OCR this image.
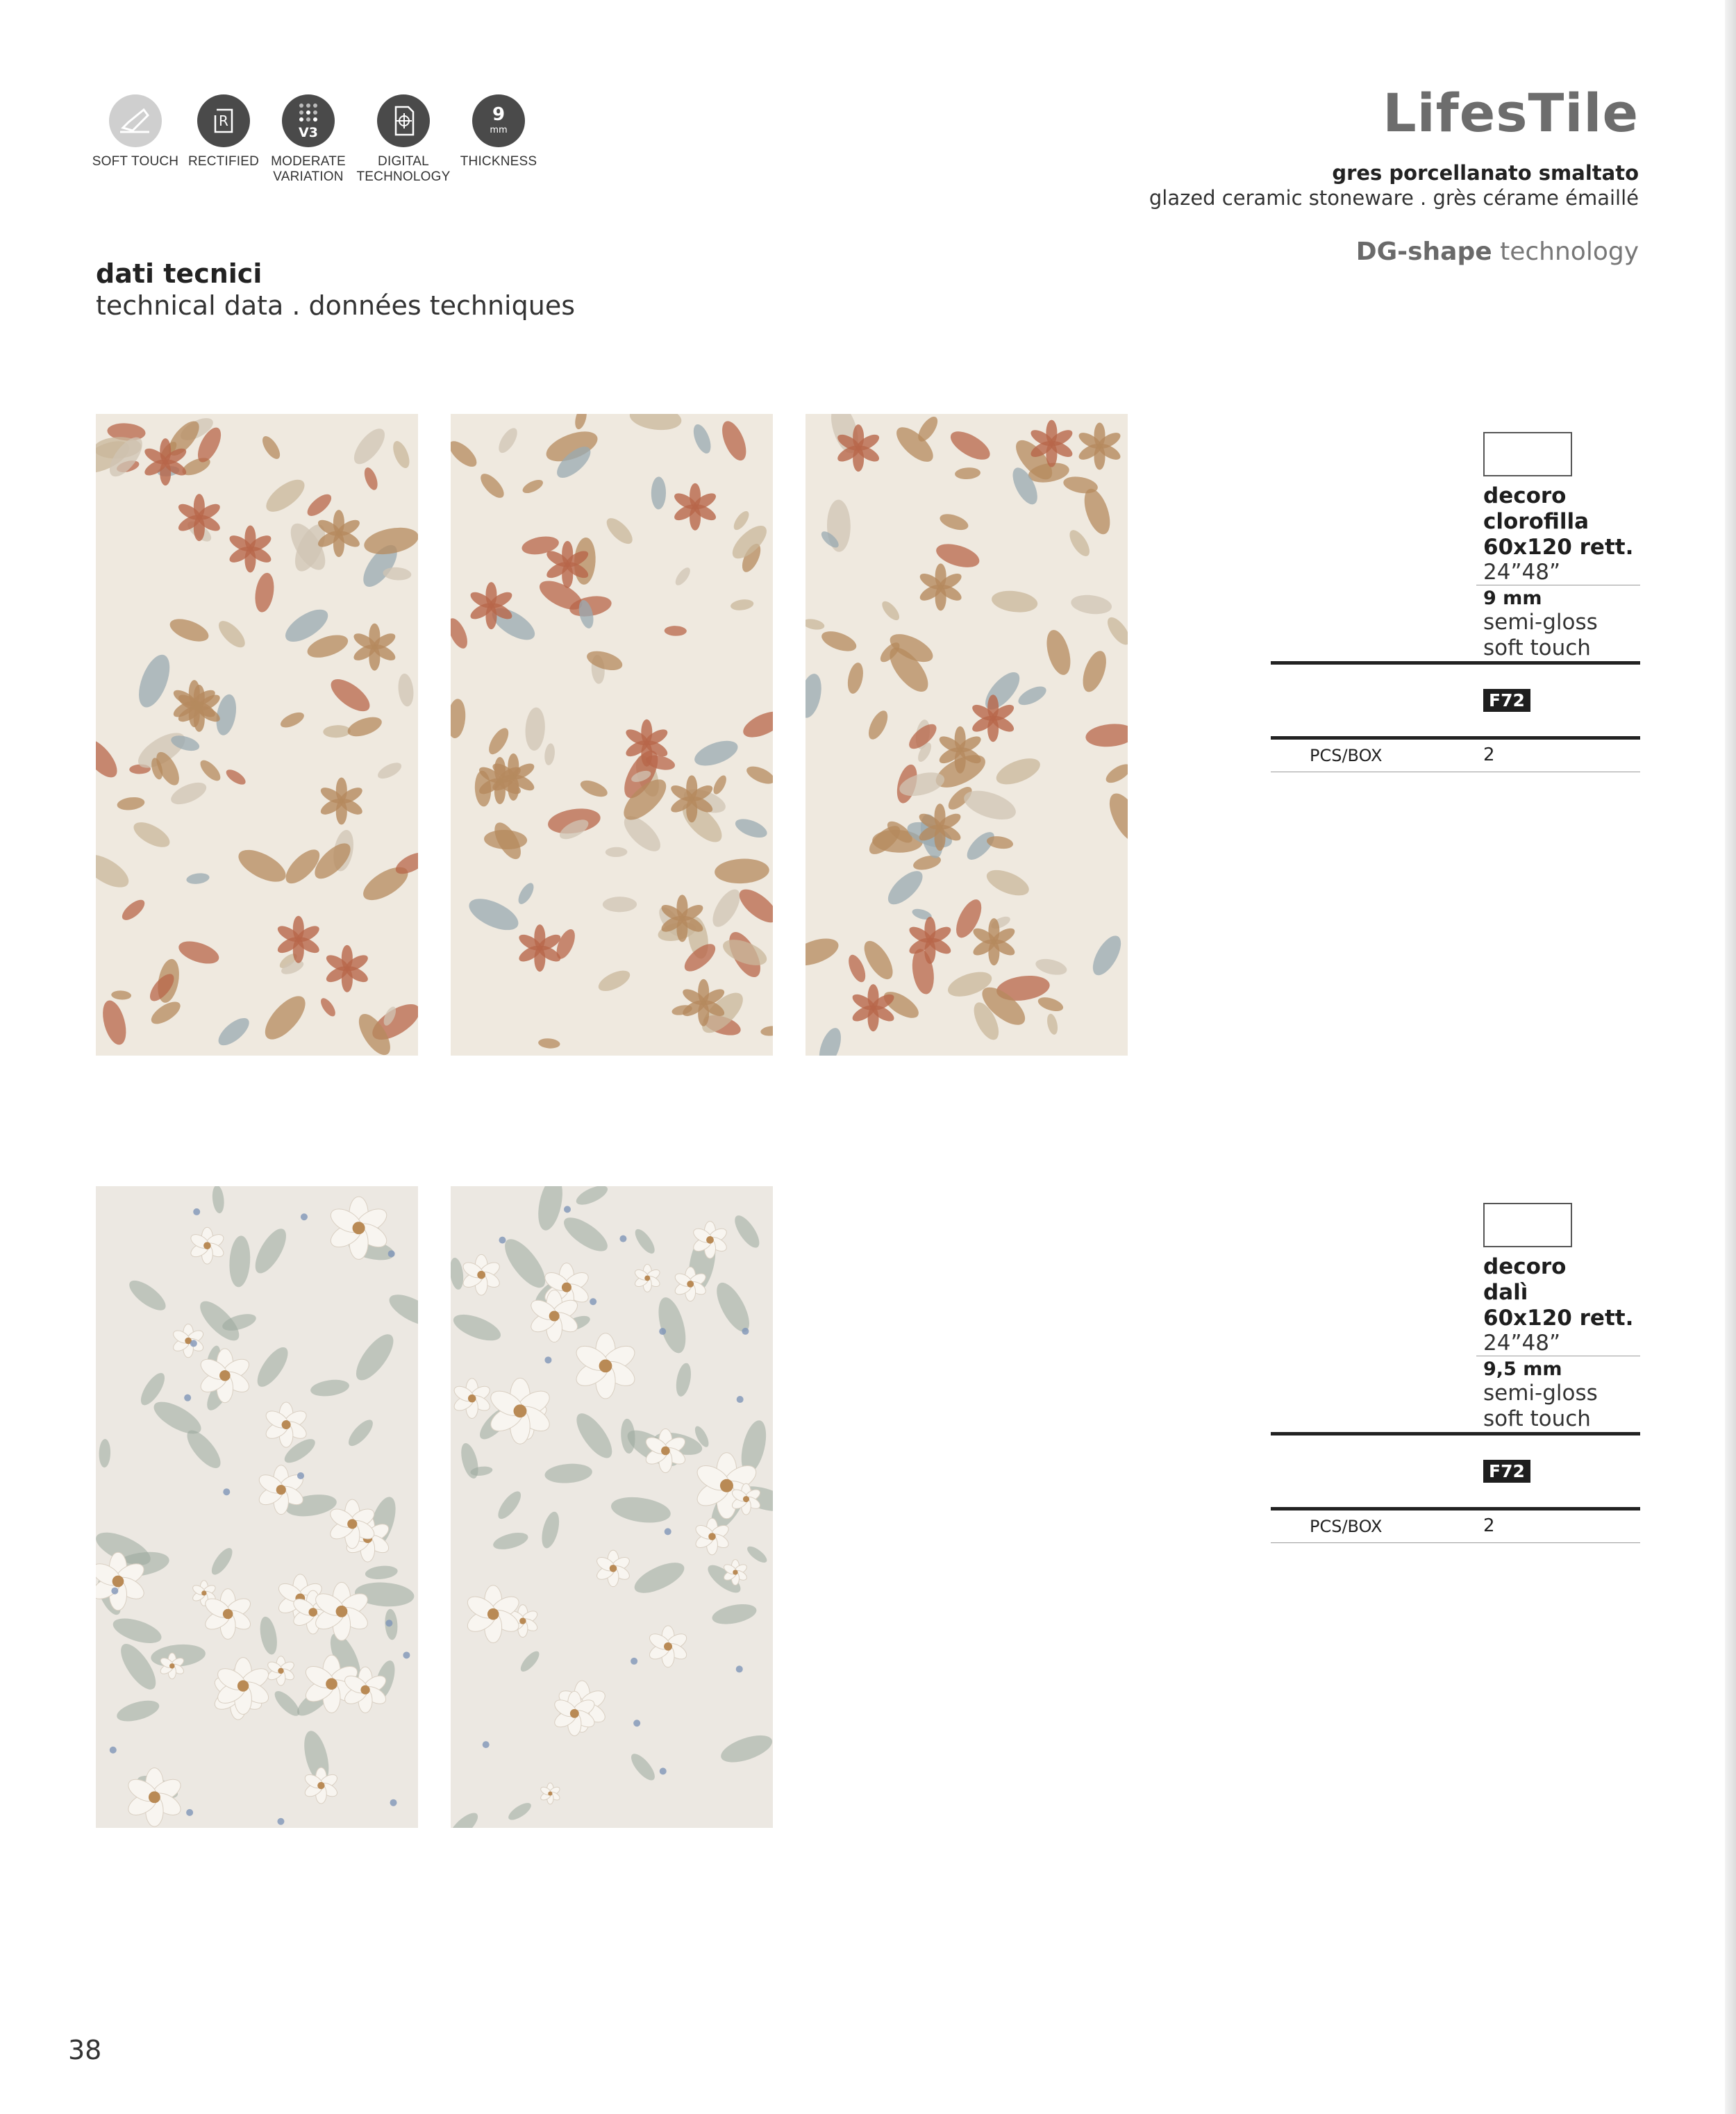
SOFT TOUCH
R
RECTIFIED
V3
MODERATE VARIATION
DIGITAL TECHNOLOGY
9
mm
THICKNESS
LifesTile
gres porcellanato smaltato
glazed ceramic stoneware . grès cérame émaillé
DG-shape technology
dati tecnici
technical data . données techniques
decoro
clorofilla
60x120 rett.
24”48”
9 mm
semi-gloss
soft touch
F72
PCS/BOX	2
decoro
dalì
60x120 rett.
24”48”
9,5 mm
semi-gloss
soft touch
F72
PCS/BOX	2
38
